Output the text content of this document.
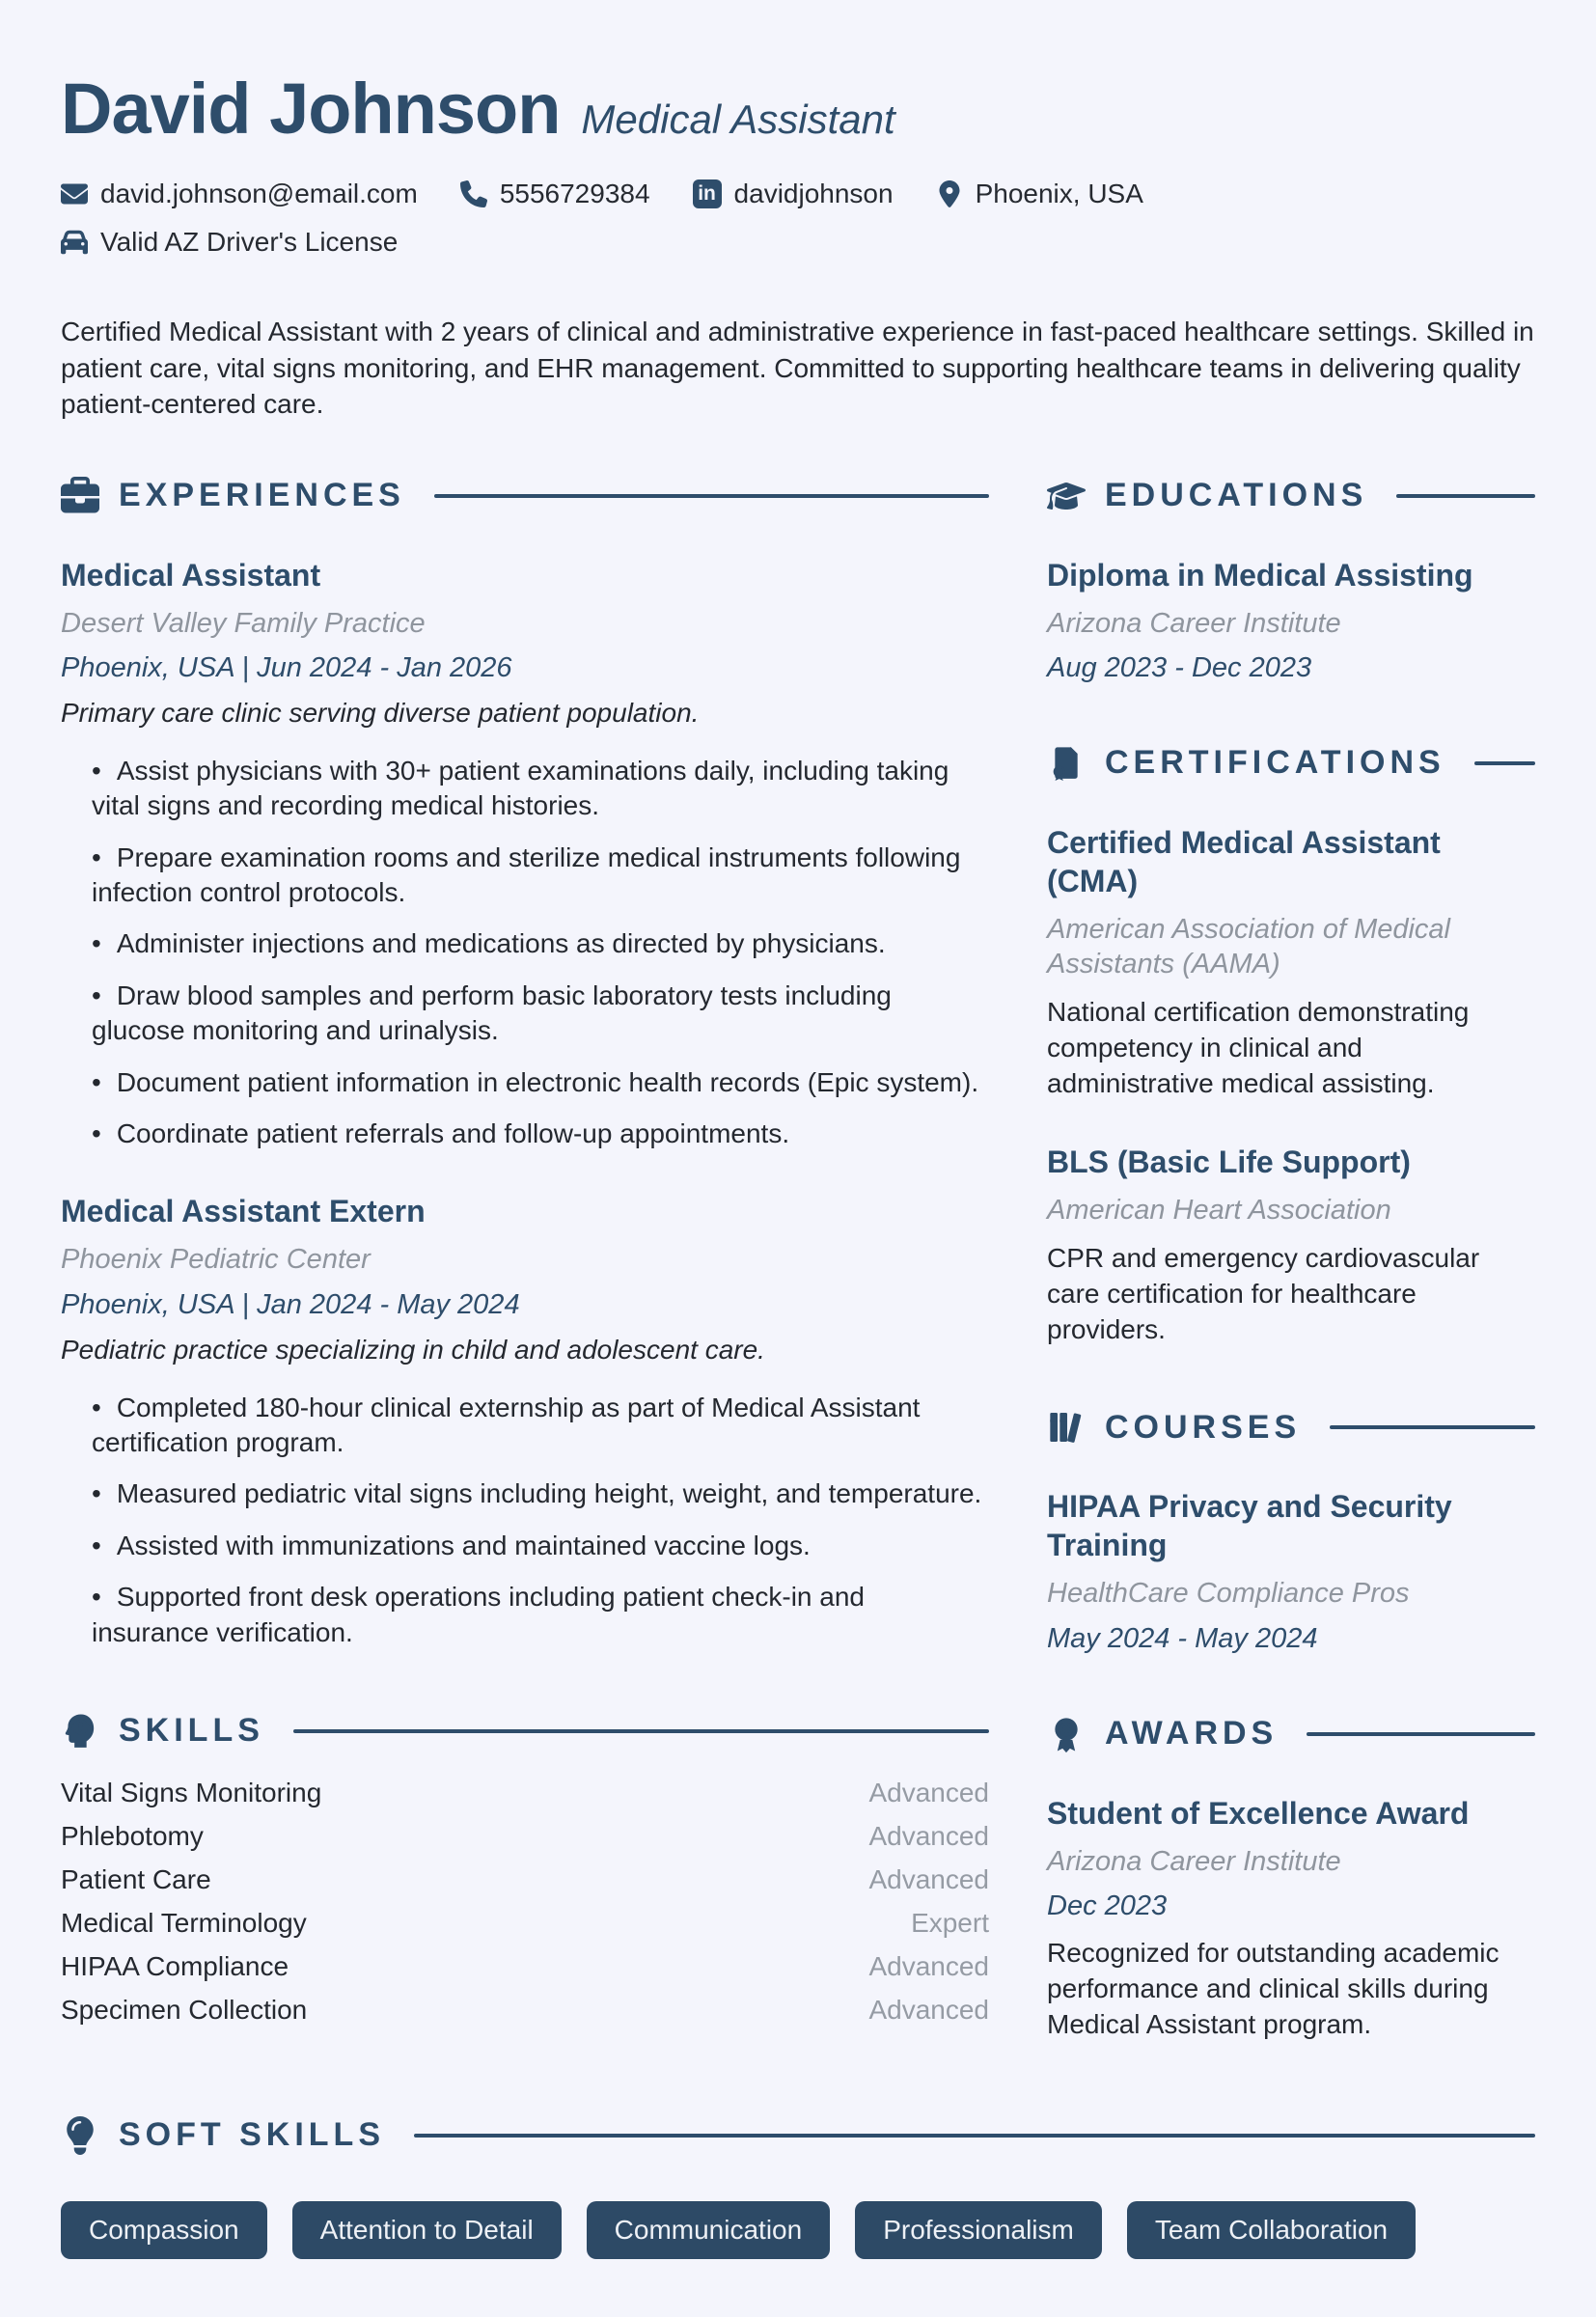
David Johnson Medical Assistant
david.johnson@email.com	5556729384 in davidjohnson	Phoenix, USA
Valid AZ Driver's License

Certified Medical Assistant with 2 years of clinical and administrative experience in fast-paced healthcare settings. Skilled in patient care, vital signs monitoring, and EHR management. Committed to supporting healthcare teams in delivering quality patient-centered care.

EXPERIENCES
Medical Assistant
Desert Valley Family Practice
Phoenix, USA | Jun 2024 - Jan 2026
Primary care clinic serving diverse patient population.
• Assist physicians with 30+ patient examinations daily, including taking vital signs and recording medical histories.
• Prepare examination rooms and sterilize medical instruments following infection control protocols.
• Administer injections and medications as directed by physicians.
• Draw blood samples and perform basic laboratory tests including glucose monitoring and urinalysis.
• Document patient information in electronic health records (Epic system).
• Coordinate patient referrals and follow-up appointments.
Medical Assistant Extern
Phoenix Pediatric Center
Phoenix, USA | Jan 2024 - May 2024
Pediatric practice specializing in child and adolescent care.
• Completed 180-hour clinical externship as part of Medical Assistant certification program.
• Measured pediatric vital signs including height, weight, and temperature.
• Assisted with immunizations and maintained vaccine logs.
• Supported front desk operations including patient check-in and insurance verification.
SKILLS
Vital Signs Monitoring	Advanced
Phlebotomy	Advanced
Patient Care	Advanced
Medical Terminology	Expert
HIPAA Compliance	Advanced
Specimen Collection	Advanced
EDUCATIONS
Diploma in Medical Assisting
Arizona Career Institute
Aug 2023 - Dec 2023
CERTIFICATIONS
Certified Medical Assistant (CMA)
American Association of Medical Assistants (AAMA)
National certification demonstrating competency in clinical and administrative medical assisting.
BLS (Basic Life Support)
American Heart Association
CPR and emergency cardiovascular care certification for healthcare providers.
COURSES
HIPAA Privacy and Security Training
HealthCare Compliance Pros
May 2024 - May 2024
AWARDS
Student of Excellence Award
Arizona Career Institute
Dec 2023
Recognized for outstanding academic performance and clinical skills during Medical Assistant program.
SOFT SKILLS
Compassion	Attention to Detail	Communication	Professionalism	Team Collaboration
